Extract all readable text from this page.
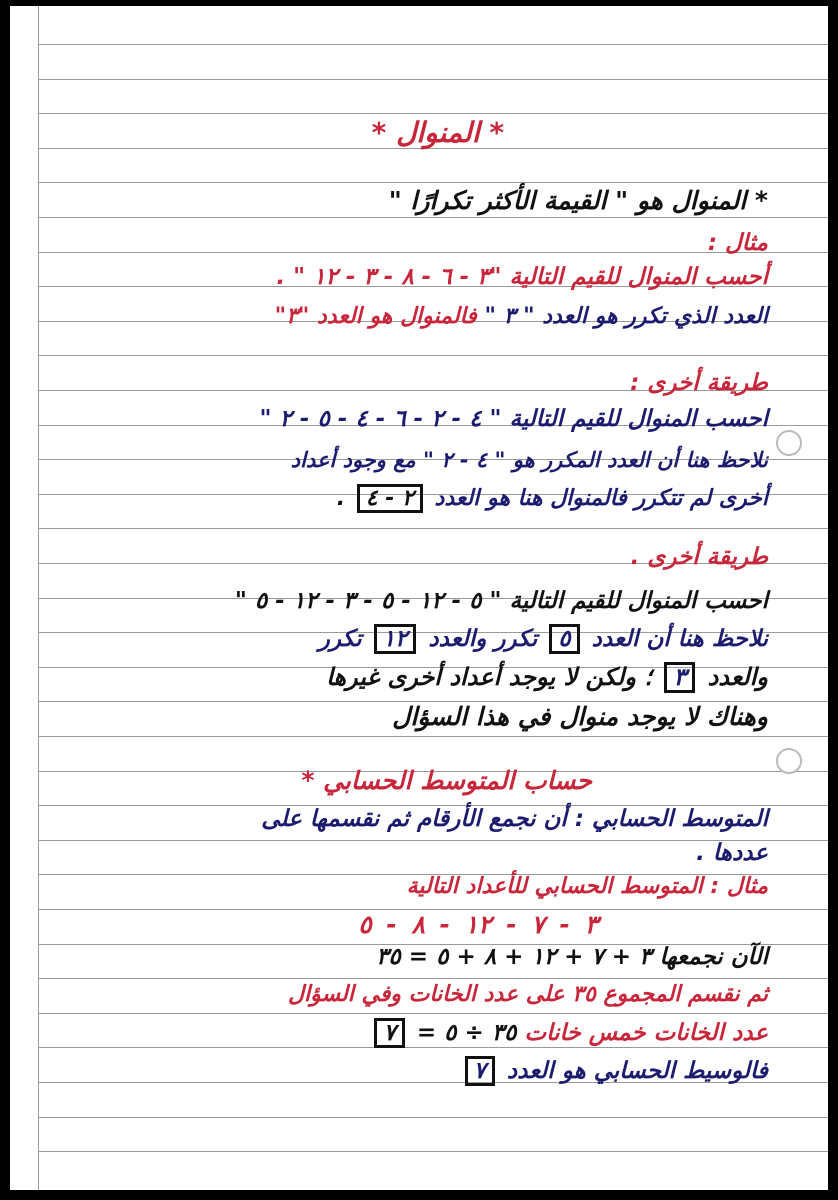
* المنوال *
* المنوال هو " القيمة الأكثر تكرارًا "
مثال :
أحسب المنوال للقيم التالية "٣ - ٦ - ٨ - ٣ - ١٢ " .
العدد الذي تكرر هو العدد " ٣ " فالمنوال هو العدد "٣"
طريقة أخرى :
احسب المنوال للقيم التالية " ٤ - ٢ - ٦ - ٤ - ٥ - ٢ "
نلاحظ هنا أن العدد المكرر هو " ٤ - ٢ " مع وجود أعداد
أخرى لم تتكرر فالمنوال هنا هو العدد ٢ - ٤ .
طريقة أخرى .
احسب المنوال للقيم التالية " ٥ - ١٢ - ٥ - ٣ - ١٢ - ٥ "
نلاحظ هنا أن العدد ٥ تكرر والعدد ١٢ تكرر
والعدد ٣ ؛ ولكن لا يوجد أعداد أخرى غيرها
وهناك لا يوجد منوال في هذا السؤال
حساب المتوسط الحسابي *
المتوسط الحسابي : أن نجمع الأرقام ثم نقسمها على
عددها .
مثال : المتوسط الحسابي للأعداد التالية
٣ - ٧ - ١٢ - ٨ - ٥
الآن نجمعها ٣ + ٧ + ١٢ + ٨ + ٥ = ٣٥
ثم نقسم المجموع ٣٥ على عدد الخانات وفي السؤال
عدد الخانات خمس خانات ٣٥ ÷ ٥ = ٧
فالوسيط الحسابي هو العدد ٧
